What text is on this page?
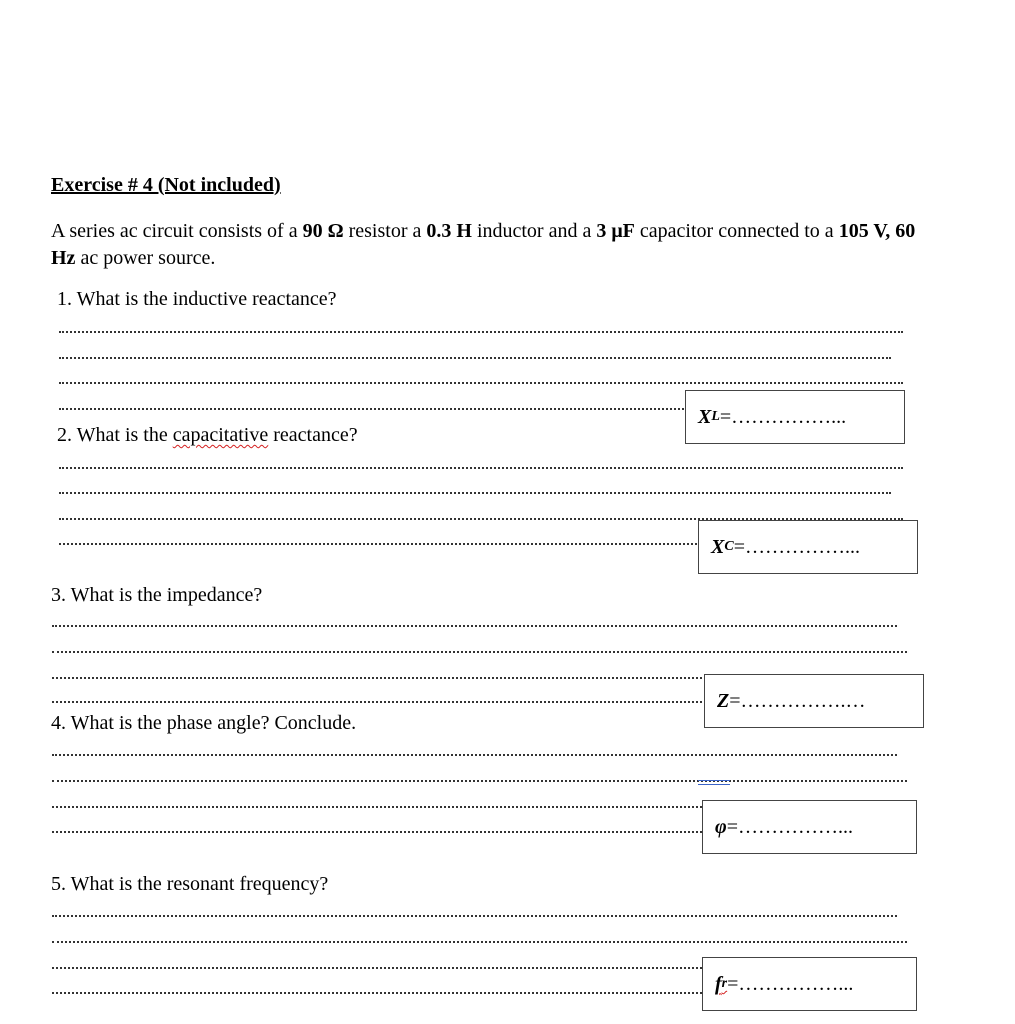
Exercise # 4 (Not included)
A series ac circuit consists of a 90 Ω resistor a 0.3 H inductor and a 3 μF capacitor connected to a 105 V, 60 Hz ac power source.
1. What is the inductive reactance?
X L =……………...
2. What is the capacitative reactance?
X C =……………...
3. What is the impedance?
Z =…………….…
4. What is the phase angle? Conclude.
φ =……………...
5. What is the resonant frequency?
f r =……………...
